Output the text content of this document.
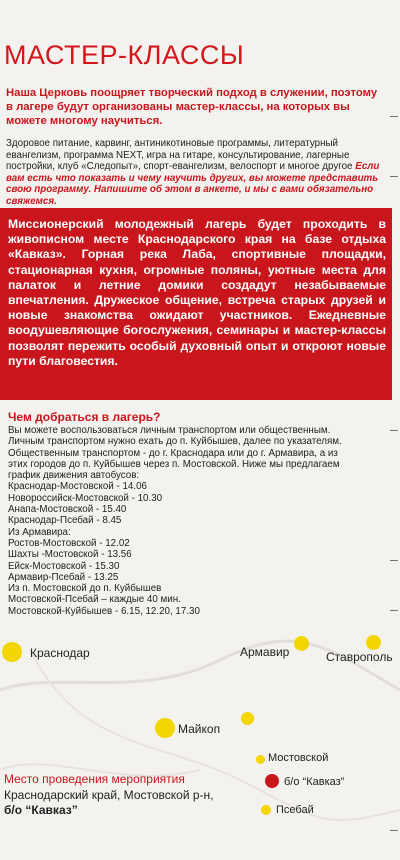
МАСТЕР-КЛАССЫ
Наша Церковь поощряет творческий подход в служении, поэтому в лагере будут организованы мастер-классы, на которых вы можете многому научиться.
Здоровое питание, карвинг, антиникотиновые программы, литературный евангелизм, программа NEXT, игра на гитаре, консультирование, лагерные постройки, клуб «Следопыт», спорт-евангелизм, велоспорт и многое другое Если вам есть что показать и чему научить других, вы можете представить свою программу. Напишите об этом в анкете, и мы с вами обязательно свяжемся.
Миссионерский молодежный лагерь будет проходить в живописном месте Краснодарского края на базе отдыха «Кавказ». Горная река Лаба, спортивные площадки, стационарная кухня, огромные поляны, уютные места для палаток и летние домики создадут незабываемые впечатления. Дружеское общение, встреча старых друзей и новые знакомства ожидают участников. Ежедневные воодушевляющие богослужения, семинары и мастер-классы позволят пережить особый духовный опыт и откроют новые пути благовестия.
Чем добраться в лагерь?

Вы можете воспользоваться личным транспортом или общественным.

Личным транспортом нужно ехать до п. Куйбышев, далее по указателям.

Общественным транспортом - до г. Краснодара или до г. Армавира, а из этих городов до п. Куйбышев через п. Мостовской. Ниже мы предлагаем график движения автобусов:

Краснодар-Мостовской - 14.06
Новороссийск-Мостовской - 10.30
Анапа-Мостовской - 15.40
Краснодар-Псебай - 8.45
Из Армавира:
Ростов-Мостовской - 12.02
Шахты -Мостовской - 13.56
Ейск-Мостовской - 15.30
Армавир-Псебай - 13.25
Из п. Мостовской до п. Куйбышев
Мостовской-Псебай – каждые 40 мин.
Мостовской-Куйбышев - 6.15, 12.20, 17.30
Краснодар	Армавир	Ставрополь
Майкоп
Место проведения мероприятия
Краснодарский край, Мостовской р-н,
б/о “Кавказ”
Мостовской
б/о “Кавказ”
Псебай
